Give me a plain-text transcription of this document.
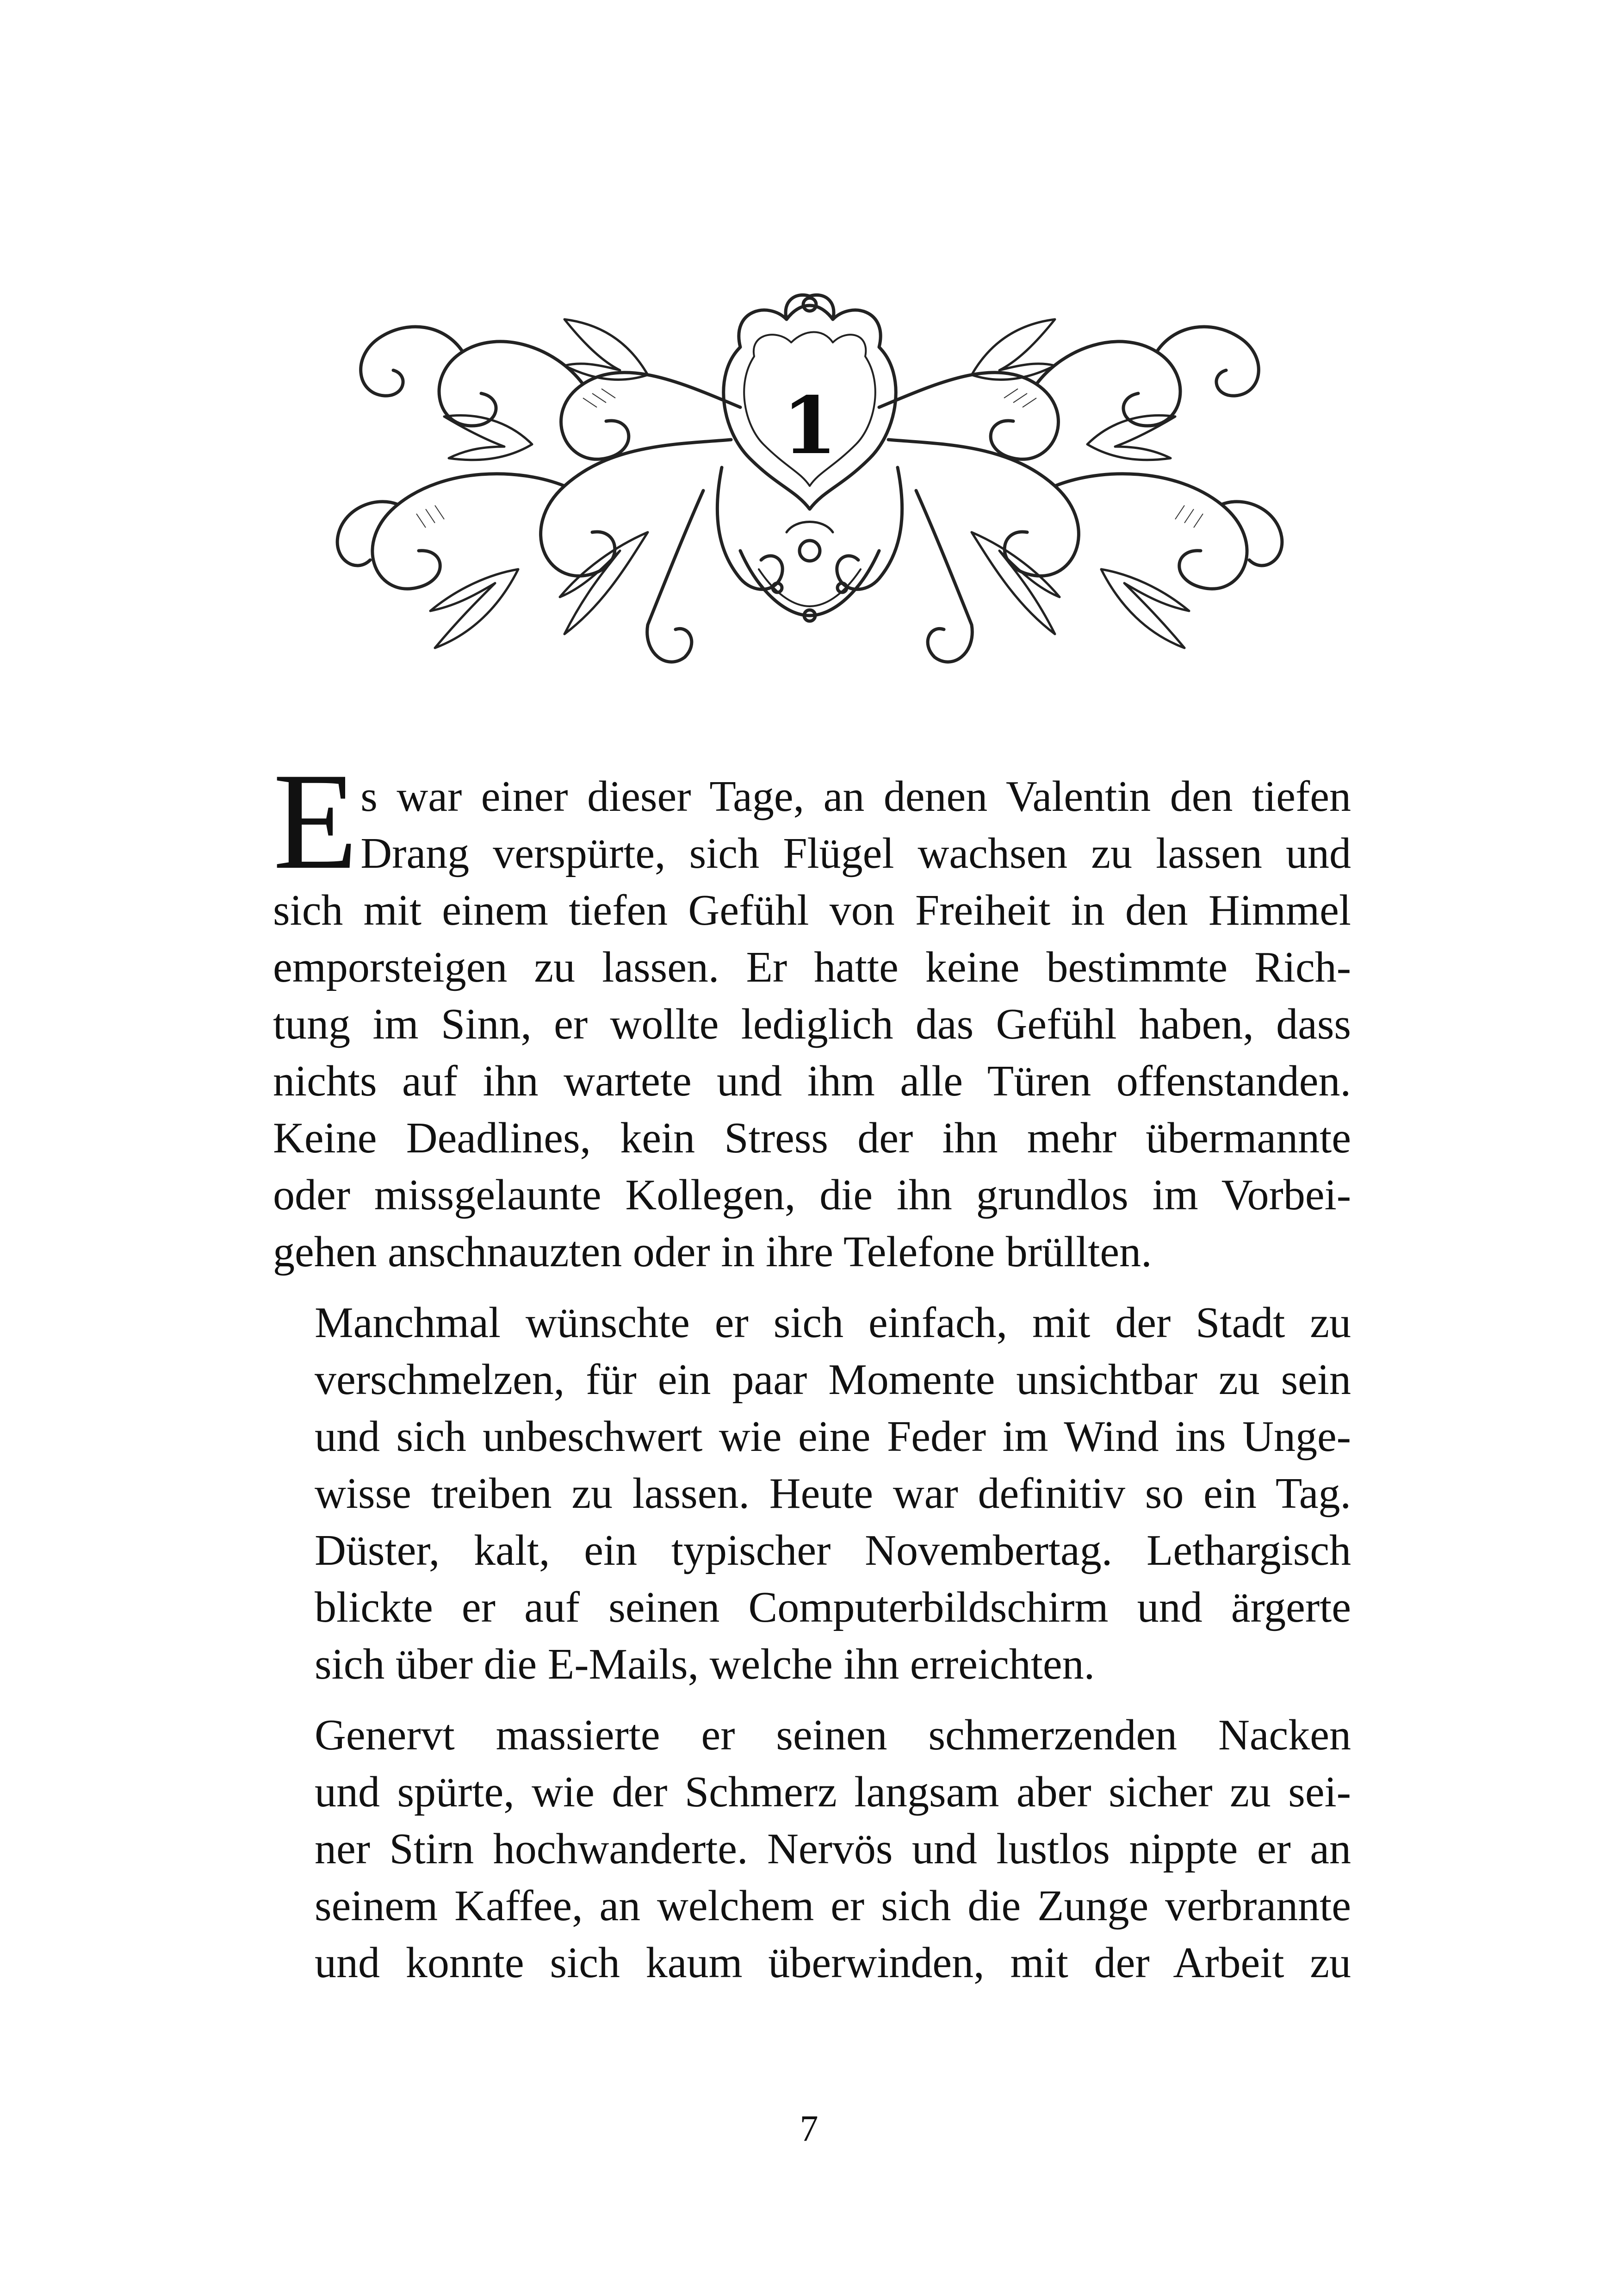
1

E s war einer dieser Tage, an denen Valentin den tiefen
Drang verspürte, sich Flügel wachsen zu lassen und
sich mit einem tiefen Gefühl von Freiheit in den Himmel
emporsteigen zu lassen. Er hatte keine bestimmte Rich-
tung im Sinn, er wollte lediglich das Gefühl haben, dass
nichts auf ihn wartete und ihm alle Türen offenstanden.
Keine Deadlines, kein Stress der ihn mehr übermannte
oder missgelaunte Kollegen, die ihn grundlos im Vorbei-
gehen anschnauzten oder in ihre Telefone brüllten.

Manchmal wünschte er sich einfach, mit der Stadt zu
verschmelzen, für ein paar Momente unsichtbar zu sein
und sich unbeschwert wie eine Feder im Wind ins Unge-
wisse treiben zu lassen. Heute war definitiv so ein Tag.
Düster, kalt, ein typischer Novembertag. Lethargisch
blickte er auf seinen Computerbildschirm und ärgerte
sich über die E-Mails, welche ihn erreichten.

Genervt massierte er seinen schmerzenden Nacken
und spürte, wie der Schmerz langsam aber sicher zu sei-
ner Stirn hochwanderte. Nervös und lustlos nippte er an
seinem Kaffee, an welchem er sich die Zunge verbrannte
und konnte sich kaum überwinden, mit der Arbeit zu

7
